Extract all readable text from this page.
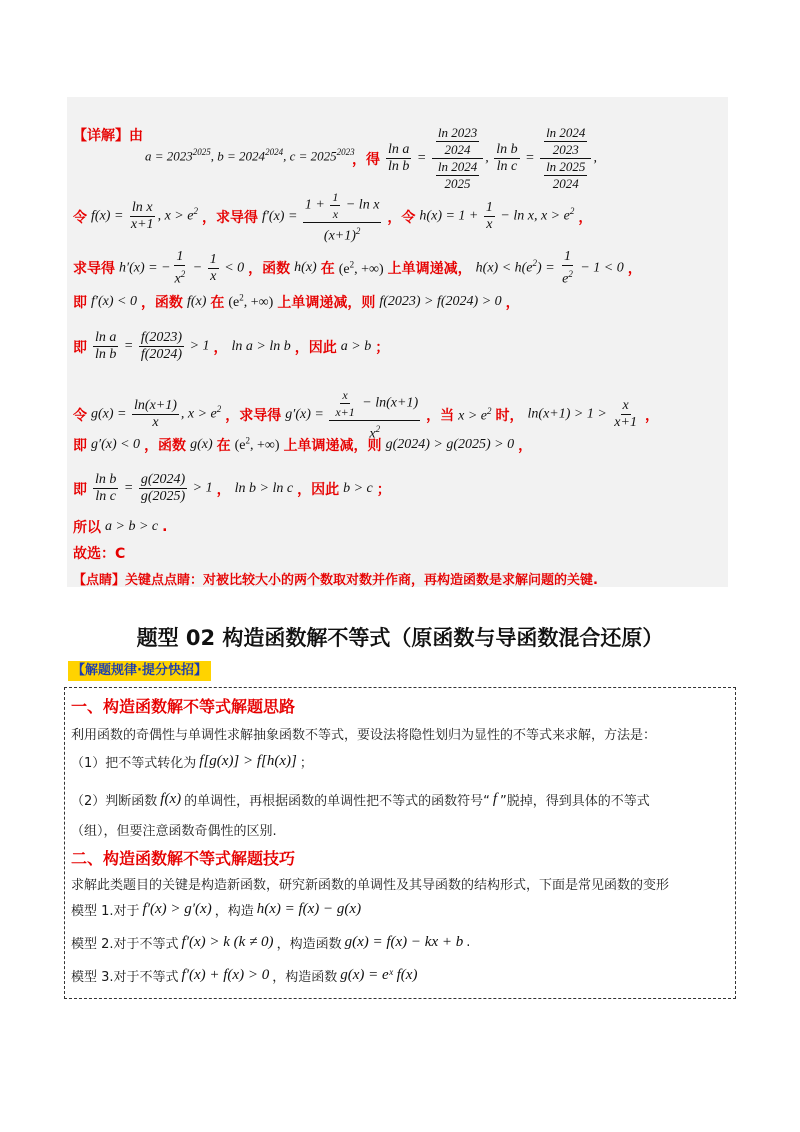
【详解】由
$a = 2023^{2025}$, $b = 2024^{2024}$, $c = 2025^{2023}$
，得 $\frac{\text{ln a}}{\text{ln b}} = \frac{\frac{\ln 2023}{2024}}{\frac{\ln 2024}{2025}}$ , $\frac{\text{ln b}}{\text{ln c}} = \frac{\frac{\ln 2024}{2023}}{\frac{\ln 2025}{2024}}$ ,
令 $f(x) = \frac{\text{ln x}}{x+1}$ , $x > e^2$ ，求导得 $f'(x) = \frac{1 + \frac{1}{x} - \ln x}{(x+1)^2}$ ，令 $h(x) = 1 + \frac{1}{x} - \ln x$, $x > e^2$ ，
求导得 h′(x) = − $\frac{1}{x^2} - \frac{1}{x} < 0$ ，函数 h(x) 在 ($e^2$, +∞) 上单调递减， $h(x) < h(e^2) = \frac{1}{e^2} - 1 < 0$ ，
即 f′(x) < 0 ，函数 f(x) 在 ($e^2$, +∞) 上单调递减，则 f(2023) > f(2024) > 0 ，
即 $\frac{\text{ln a}}{\text{ln b}} = \frac{f(2023)}{f(2024)} > 1$ ， ln a > ln b ，因此 a > b ；
令 $g(x) = \frac{\ln(x+1)}{x}$ , $x > e^2$ ，求导得 $g'(x) = \frac{\frac{x}{x+1} - \ln(x+1)}{x^2}$ ，当 $x > e^2$ 时， $\ln(x+1) > 1 > \frac{x}{x+1}$ ，
即 g′(x) < 0 ，函数 g(x) 在 ($e^2$, +∞) 上单调递减，则 g(2024) > g(2025) > 0 ，
即 $\frac{\text{ln b}}{\text{ln c}} = \frac{g(2024)}{g(2025)} > 1$ ， ln b > ln c ，因此 b > c ；
所以 a > b > c .
故选：C
【点睛】关键点点睛：对被比较大小的两个数取对数并作商，再构造函数是求解问题的关键.
题型 02 构造函数解不等式（原函数与导函数混合还原）
【解题规律·提分快招】
一、构造函数解不等式解题思路
利用函数的奇偶性与单调性求解抽象函数不等式，要设法将隐性划归为显性的不等式来求解，方法是：
（1）把不等式转化为 f[g(x)] > f[h(x)] ；
（2）判断函数 f(x) 的单调性，再根据函数的单调性把不等式的函数符号“ f ”脱掉，得到具体的不等式
（组），但要注意函数奇偶性的区别.
二、构造函数解不等式解题技巧
求解此类题目的关键是构造新函数，研究新函数的单调性及其导函数的结构形式，下面是常见函数的变形
模型 1.对于 f′(x) > g′(x) ，构造 h(x) = f(x) − g(x)
模型 2.对于不等式 f′(x) > k (k ≠ 0) ，构造函数 g(x) = f(x) − kx + b .
模型 3.对于不等式 f′(x) + f(x) > 0 ，构造函数 g(x) = eˣ f(x)
